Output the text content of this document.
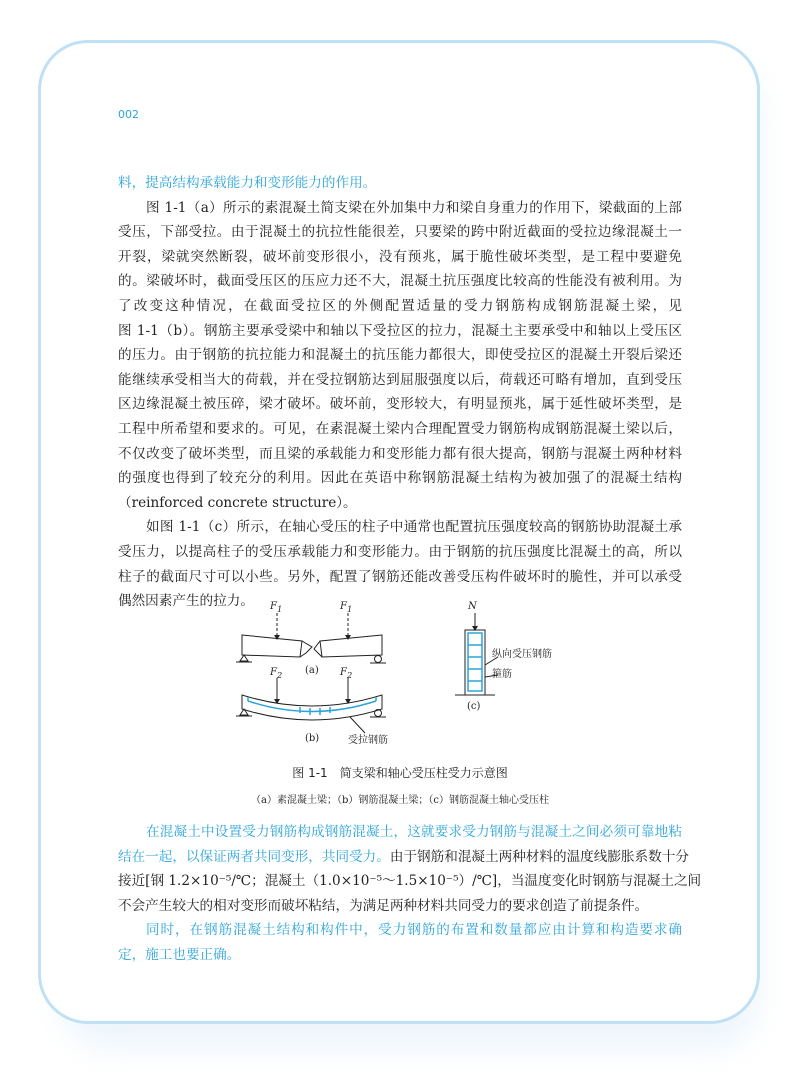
002
料，提高结构承载能力和变形能力的作用。
图 1-1（a）所示的素混凝土简支梁在外加集中力和梁自身重力的作用下，梁截面的上部
受压，下部受拉。由于混凝土的抗拉性能很差，只要梁的跨中附近截面的受拉边缘混凝土一
开裂，梁就突然断裂，破坏前变形很小，没有预兆，属于脆性破坏类型，是工程中要避免
的。梁破坏时，截面受压区的压应力还不大，混凝土抗压强度比较高的性能没有被利用。为
了改变这种情况，在截面受拉区的外侧配置适量的受力钢筋构成钢筋混凝土梁，见
图 1-1（b）。钢筋主要承受梁中和轴以下受拉区的拉力，混凝土主要承受中和轴以上受压区
的压力。由于钢筋的抗拉能力和混凝土的抗压能力都很大，即使受拉区的混凝土开裂后梁还
能继续承受相当大的荷载，并在受拉钢筋达到屈服强度以后，荷载还可略有增加，直到受压
区边缘混凝土被压碎，梁才破坏。破坏前，变形较大，有明显预兆，属于延性破坏类型，是
工程中所希望和要求的。可见，在素混凝土梁内合理配置受力钢筋构成钢筋混凝土梁以后，
不仅改变了破坏类型，而且梁的承载能力和变形能力都有很大提高，钢筋与混凝土两种材料
的强度也得到了较充分的利用。因此在英语中称钢筋混凝土结构为被加强了的混凝土结构
（reinforced concrete structure）。
如图 1-1（c）所示，在轴心受压的柱子中通常也配置抗压强度较高的钢筋协助混凝土承
受压力，以提高柱子的受压承载能力和变形能力。由于钢筋的抗压强度比混凝土的高，所以
柱子的截面尺寸可以小些。另外，配置了钢筋还能改善受压构件破坏时的脆性，并可以承受
偶然因素产生的拉力。
在混凝土中设置受力钢筋构成钢筋混凝土，这就要求受力钢筋与混凝土之间必须可靠地粘
结在一起，以保证两者共同变形，共同受力。由于钢筋和混凝土两种材料的温度线膨胀系数十分
接近[钢 1.2×10⁻⁵/℃；混凝土（1.0×10⁻⁵～1.5×10⁻⁵）/℃]，当温度变化时钢筋与混凝土之间
不会产生较大的相对变形而破坏粘结，为满足两种材料共同受力的要求创造了前提条件。
同时，在钢筋混凝土结构和构件中，受力钢筋的布置和数量都应由计算和构造要求确
定，施工也要正确。
$F_1$	$F_1$
(a)
$F_2$	$F_2$
(b)	受拉钢筋
N
纵向受压钢筋
箍筋
(c)
图 1-1　简支梁和轴心受压柱受力示意图
（a）素混凝土梁；（b）钢筋混凝土梁；（c）钢筋混凝土轴心受压柱
